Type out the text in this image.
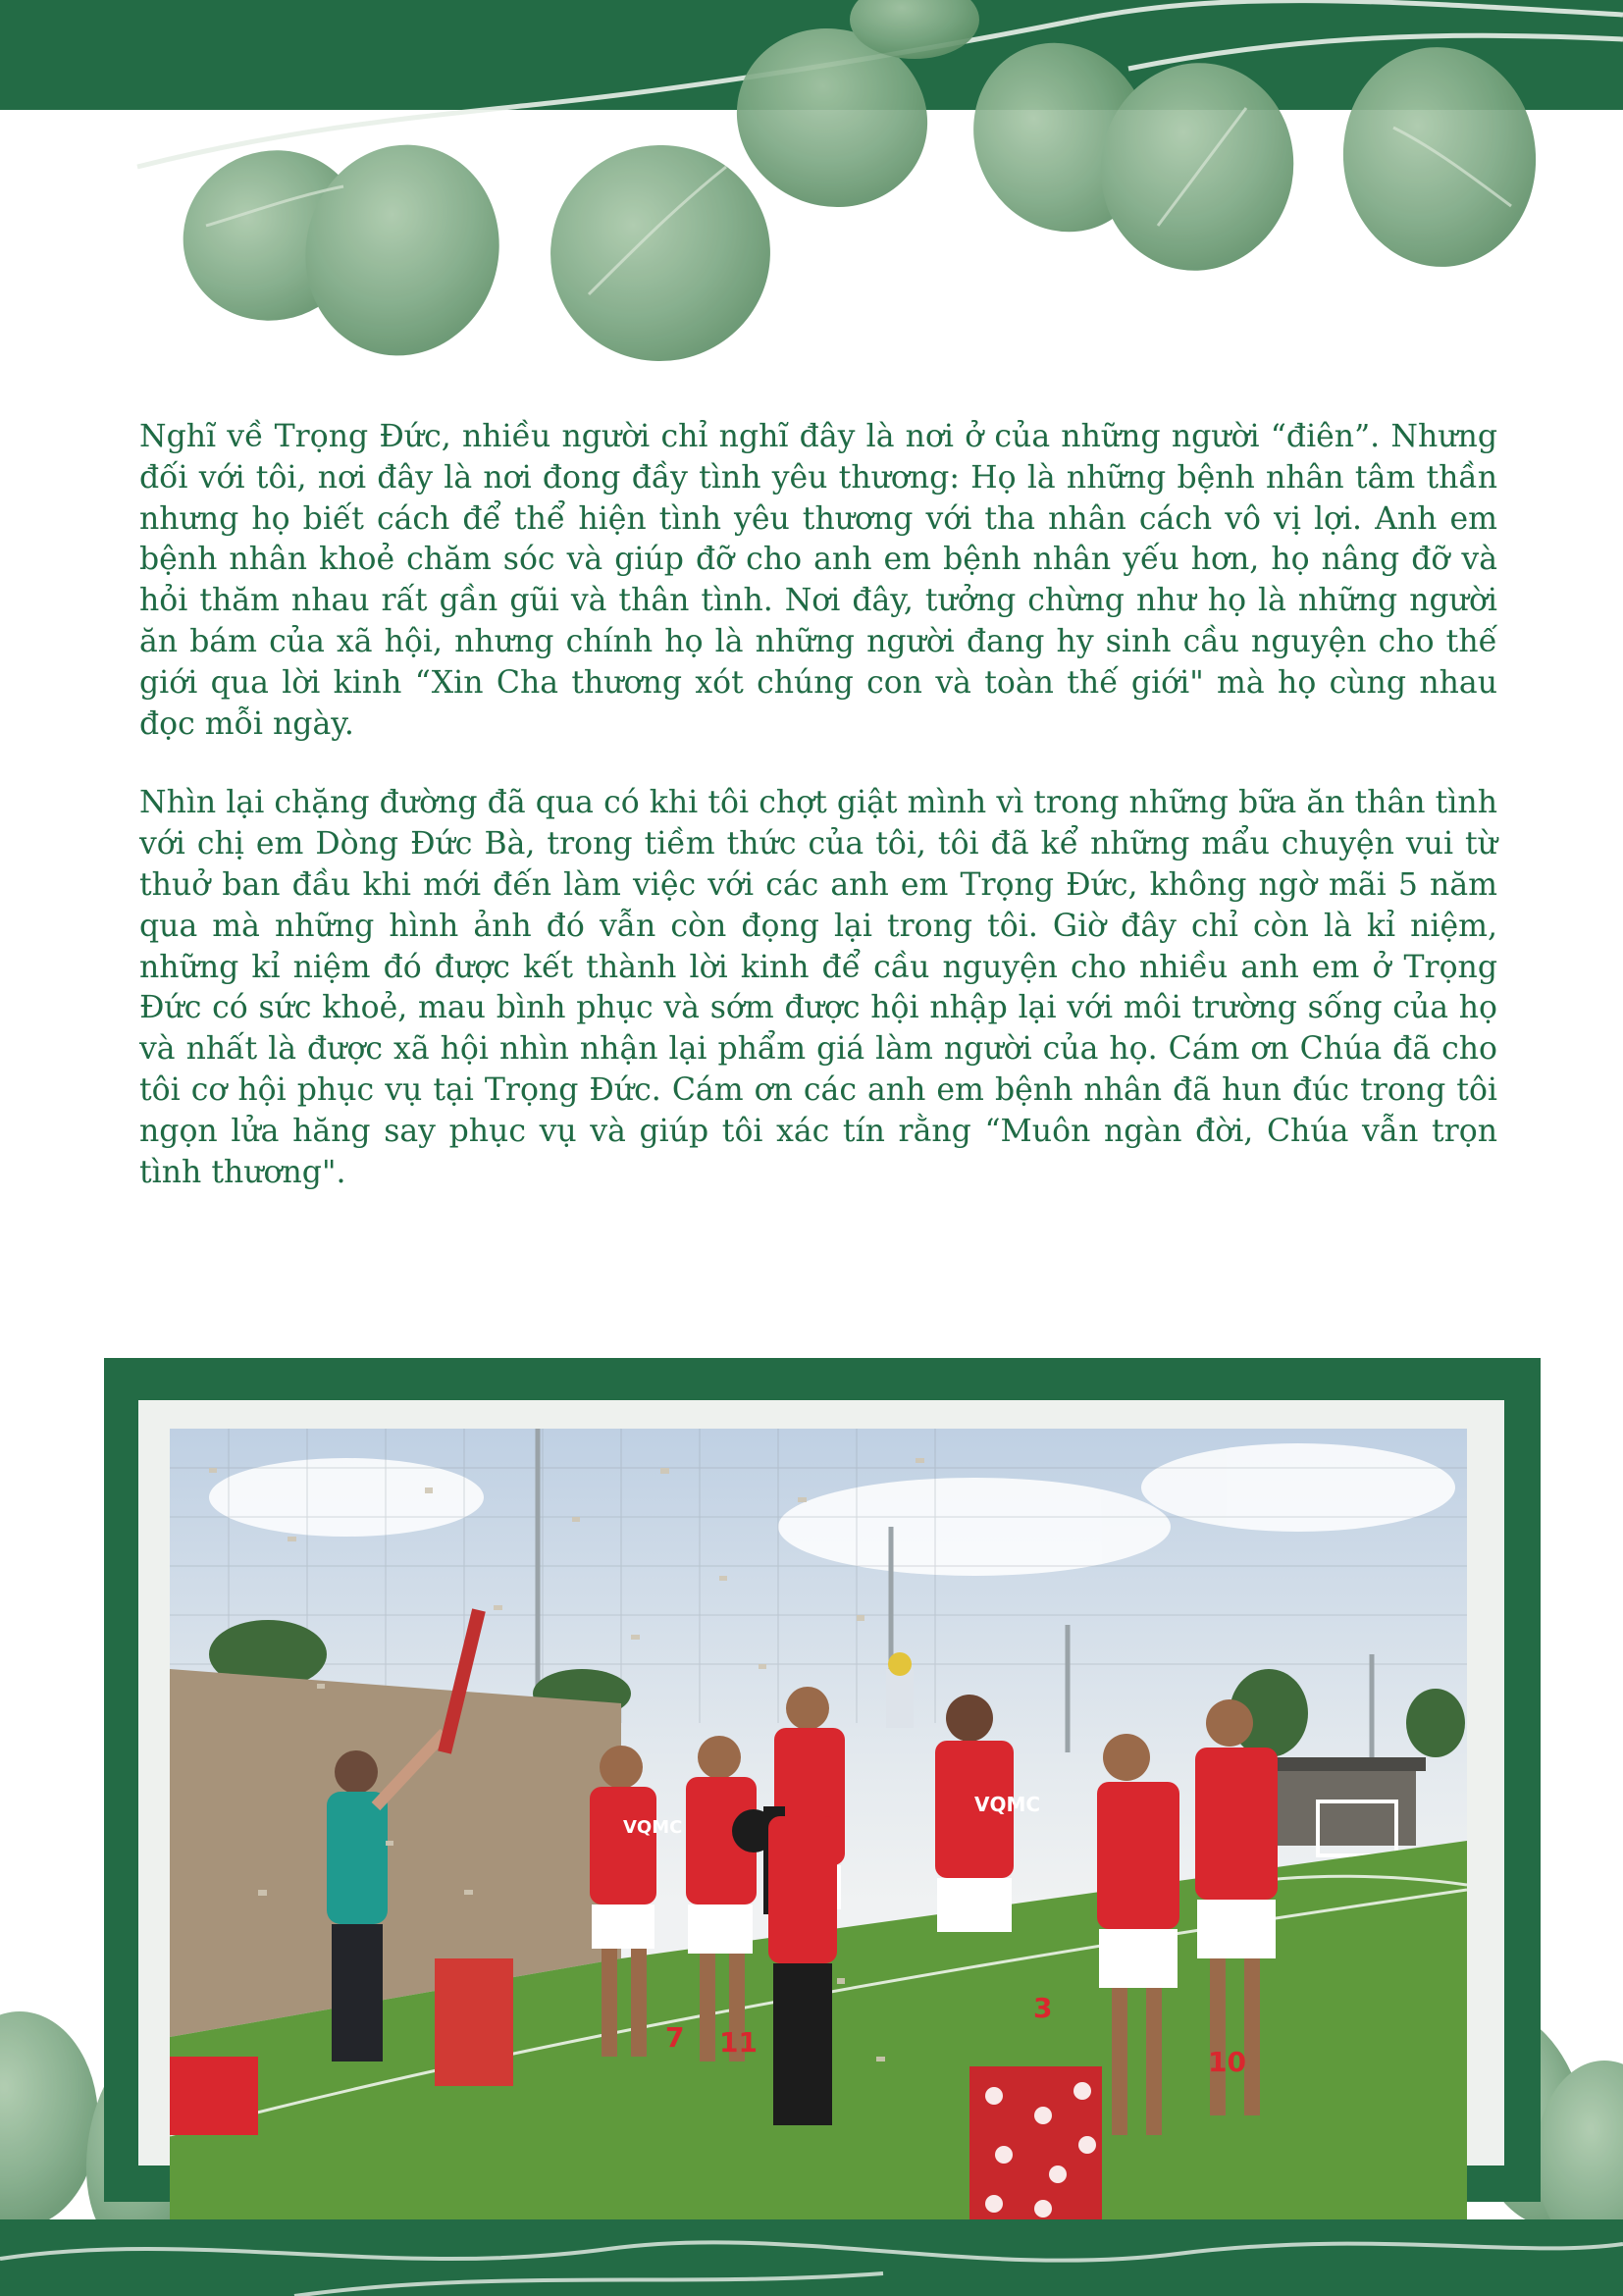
Nghĩ về Trọng Đức, nhiều người chỉ nghĩ đây là nơi ở của những người “điên”. Nhưng đối với tôi, nơi đây là nơi đong đầy tình yêu thương: Họ là những bệnh nhân tâm thần nhưng họ biết cách để thể hiện tình yêu thương với tha nhân cách vô vị lợi. Anh em bệnh nhân khoẻ chăm sóc và giúp đỡ cho anh em bệnh nhân yếu hơn, họ nâng đỡ và hỏi thăm nhau rất gần gũi và thân tình. Nơi đây, tưởng chừng như họ là những người ăn bám của xã hội, nhưng chính họ là những người đang hy sinh cầu nguyện cho thế giới qua lời kinh “Xin Cha thương xót chúng con và toàn thế giới" mà họ cùng nhau đọc mỗi ngày.

Nhìn lại chặng đường đã qua có khi tôi chợt giật mình vì trong những bữa ăn thân tình với chị em Dòng Đức Bà, trong tiềm thức của tôi, tôi đã kể những mẩu chuyện vui từ thuở ban đầu khi mới đến làm việc với các anh em Trọng Đức, không ngờ mãi 5 năm qua mà những hình ảnh đó vẫn còn đọng lại trong tôi. Giờ đây chỉ còn là kỉ niệm, những kỉ niệm đó được kết thành lời kinh để cầu nguyện cho nhiều anh em ở Trọng Đức có sức khoẻ, mau bình phục và sớm được hội nhập lại với môi trường sống của họ và nhất là được xã hội nhìn nhận lại phẩm giá làm người của họ. Cám ơn Chúa đã cho tôi cơ hội phục vụ tại Trọng Đức. Cám ơn các anh em bệnh nhân đã hun đúc trong tôi ngọn lửa hăng say phục vụ và giúp tôi xác tín rằng “Muôn ngàn đời, Chúa vẫn trọn tình thương".

VQMC
VQMC
7 11
3
10
